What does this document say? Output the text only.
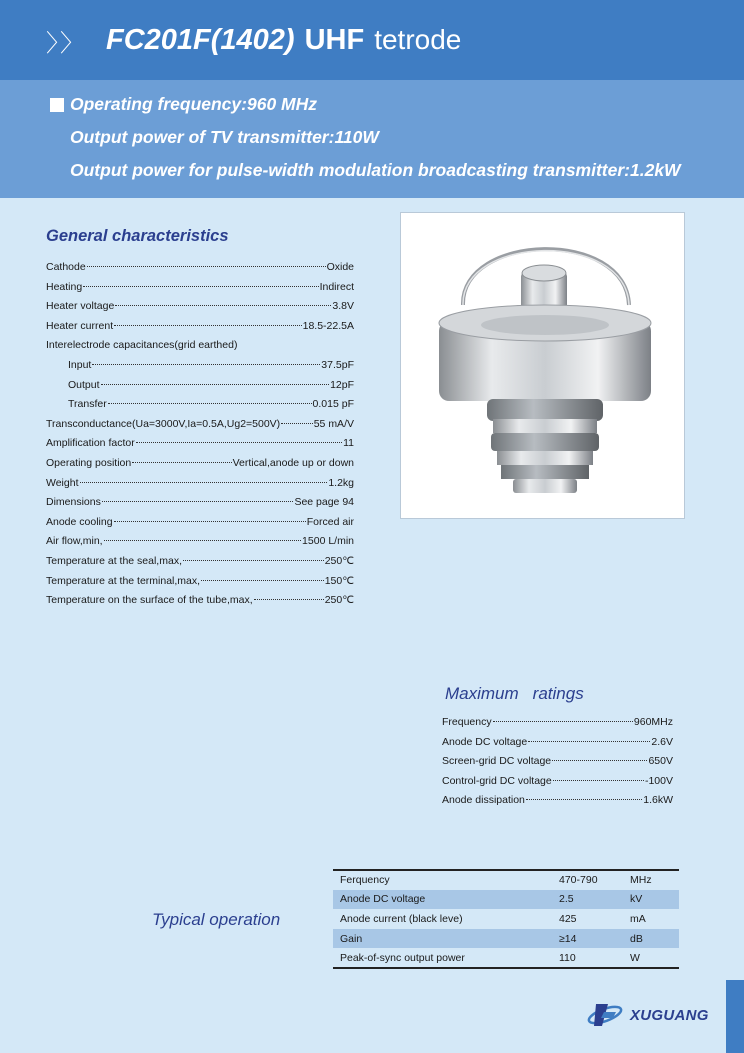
〉〉 FC201F(1402) UHF tetrode
Operating frequency:960 MHz
Output power of TV transmitter:110W
Output power for pulse-width modulation broadcasting transmitter:1.2kW
General characteristics
Cathode	Oxide
Heating	Indirect
Heater voltage	3.8V
Heater current	18.5-22.5A
Interelectrode capacitances(grid earthed)
Input	37.5pF
Output	12pF
Transfer	0.015 pF
Transconductance(Ua=3000V,Ia=0.5A,Ug2=500V)	55 mA/V
Amplification factor	11
Operating position	Vertical,anode up or down
Weight	1.2kg
Dimensions	See page 94
Anode cooling	Forced air
Air flow,min,	1500 L/min
Temperature at the seal,max,	250℃
Temperature at the terminal,max,	150℃
Temperature on the surface of the tube,max,	250℃
Maximum ratings
Frequency	960MHz
Anode DC voltage	2.6V
Screen-grid DC voltage	650V
Control-grid DC voltage	-100V
Anode dissipation	1.6kW
Typical operation
Ferquency	470-790	MHz
Anode DC voltage	2.5	kV
Anode current (black leve)	425	mA
Gain	≥14	dB
Peak-of-sync output power	110	W
XUGUANG
